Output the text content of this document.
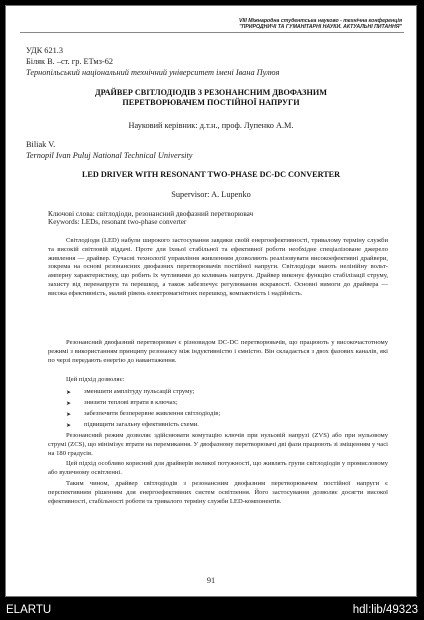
VIII Міжнародна студентська науково - технічна конференція
"ПРИРОДНИЧІ ТА ГУМАНІТАРНІ НАУКИ. АКТУАЛЬНІ ПИТАННЯ"
УДК 621.3
Біляк В. –ст. гр. ЕТмз-62
Тернопільський національний технічний університет імені Івана Пулюя
ДРАЙВЕР СВІТЛОДІОДІВ З РЕЗОНАНСНИМ ДВОФАЗНИМ
ПЕРЕТВОРЮВАЧЕМ ПОСТІЙНОЇ НАПРУГИ
Науковий керівник: д.т.н., проф. Лупенко А.М.
Biliak V.
Ternopil Ivan Puluj National Technical University
LED DRIVER WITH RESONANT TWO-PHASE DC-DC CONVERTER
Supervisor: A. Lupenko
Ключові слова: світлодіоди, резонансний двофазний перетворювач
Keywords: LEDs, resonant two-phase converter

Світлодіоди (LED) набули широкого застосування завдяки своїй енергоефективності, тривалому терміну служби та високій світловій віддачі. Проте для їхньої стабільної та ефективної роботи необхідне спеціалізоване джерело живлення — драйвер. Сучасні технології управління живленням дозволяють реалізовувати високоефективні драйвери, зокрема на основі резонансних двофазних перетворювачів постійної напруги. Світлодіоди мають нелінійну вольт-амперну характеристику, що робить їх чутливими до коливань напруги. Драйвер виконує функцію стабілізації струму, захисту від перенапруги та перешкод, а також забезпечує регулювання яскравості. Основні вимоги до драйвера — висока ефективність, малий рівень електромагнітних перешкод, компактність і надійність.

Резонансний двофазний перетворювач є різновидом DC-DC перетворювачів, що працюють у високочастотному режимі з використанням принципу резонансу між індуктивністю і ємністю. Він складається з двох фазових каналів, які по черзі передають енергію до навантаження.

Цей підхід дозволяє:

➤ зменшити амплітуду пульсацій струму;
➤ знизити теплові втрати в ключах;
➤ забезпечити безперервне живлення світлодіодів;
➤ підвищити загальну ефективність схеми.

Резонансний режим дозволяє здійснювати комутацію ключів при нульовій напрузі (ZVS) або при нульовому струмі (ZCS), що мінімізує втрати на перемикання. У двофазному перетворювачі дві фази працюють зі зміщенням у часі на 180 градусів.

Цей підхід особливо корисний для драйверів великої потужності, що живлять групи світлодіодів у промисловому або вуличному освітленні.

Таким чином, драйвер світлодіодів з резонансним двофазним перетворювачем постійної напруги є перспективним рішенням для енергоефективних систем освітлення. Його застосування дозволяє досягти високої ефективності, стабільності роботи та тривалого терміну служби LED-компонентів.

91
ELARTU	hdl:lib/49323
